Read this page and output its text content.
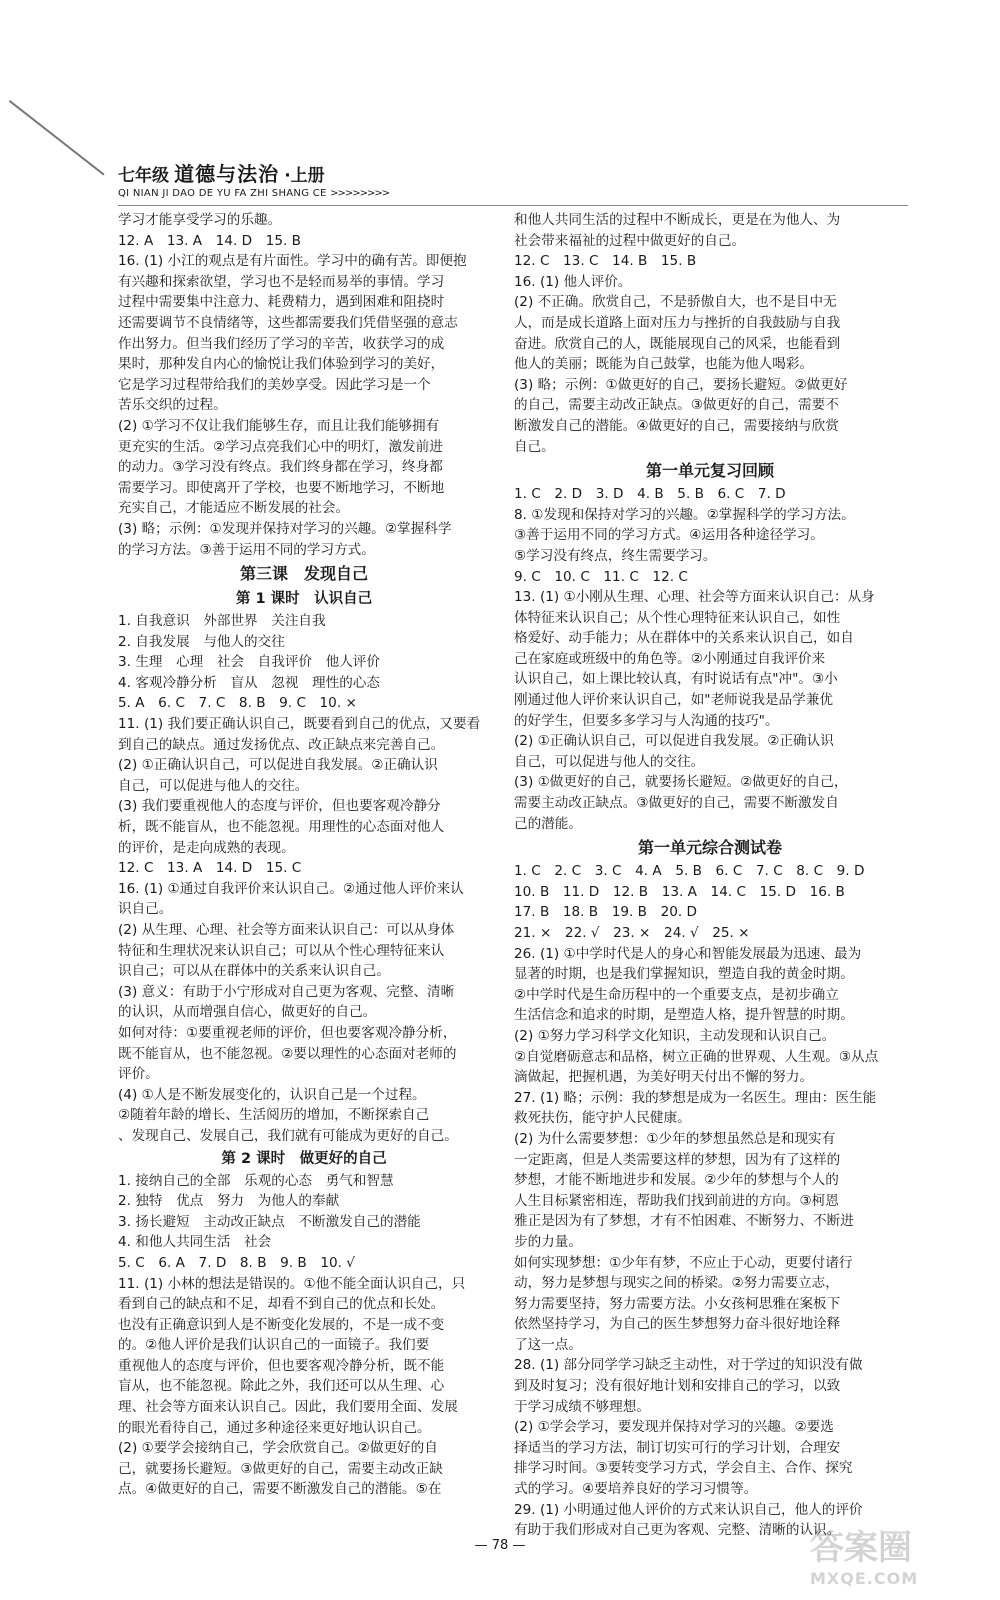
七年级 道德与法治 ·上册
QI NIAN JI DAO DE YU FA ZHI SHANG CE >>>>>>>>
学习才能享受学习的乐趣。
12. A　13. A　14. D　15. B
16. (1) 小江的观点是有片面性。学习中的确有苦。即便抱
有兴趣和探索欲望，学习也不是轻而易举的事情。学习
过程中需要集中注意力、耗费精力，遇到困难和阻挠时
还需要调节不良情绪等，这些都需要我们凭借坚强的意志
作出努力。但当我们经历了学习的辛苦，收获学习的成
果时，那种发自内心的愉悦让我们体验到学习的美好，
它是学习过程带给我们的美妙享受。因此学习是一个
苦乐交织的过程。
(2) ①学习不仅让我们能够生存，而且让我们能够拥有
更充实的生活。②学习点亮我们心中的明灯，激发前进
的动力。③学习没有终点。我们终身都在学习，终身都
需要学习。即使离开了学校，也要不断地学习，不断地
充实自己，才能适应不断发展的社会。
(3) 略；示例：①发现并保持对学习的兴趣。②掌握科学
的学习方法。③善于运用不同的学习方式。
第三课　发现自己
第 1 课时　认识自己
1. 自我意识　外部世界　关注自我
2. 自我发展　与他人的交往
3. 生理　心理　社会　自我评价　他人评价
4. 客观冷静分析　盲从　忽视　理性的心态
5. A　6. C　7. C　8. B　9. C　10. ×
11. (1) 我们要正确认识自己，既要看到自己的优点，又要看
到自己的缺点。通过发扬优点、改正缺点来完善自己。
(2) ①正确认识自己，可以促进自我发展。②正确认识
自己，可以促进与他人的交往。
(3) 我们要重视他人的态度与评价，但也要客观冷静分
析，既不能盲从，也不能忽视。用理性的心态面对他人
的评价，是走向成熟的表现。
12. C　13. A　14. D　15. C
16. (1) ①通过自我评价来认识自己。②通过他人评价来认
识自己。
(2) 从生理、心理、社会等方面来认识自己：可以从身体
特征和生理状况来认识自己；可以从个性心理特征来认
识自己；可以从在群体中的关系来认识自己。
(3) 意义：有助于小宁形成对自己更为客观、完整、清晰
的认识，从而增强自信心，做更好的自己。
如何对待：①要重视老师的评价，但也要客观冷静分析，
既不能盲从，也不能忽视。②要以理性的心态面对老师的
评价。
(4) ①人是不断发展变化的，认识自己是一个过程。
②随着年龄的增长、生活阅历的增加，不断探索自己
、发现自己、发展自己，我们就有可能成为更好的自己。
第 2 课时　做更好的自己
1. 接纳自己的全部　乐观的心态　勇气和智慧
2. 独特　优点　努力　为他人的奉献
3. 扬长避短　主动改正缺点　不断激发自己的潜能
4. 和他人共同生活　社会
5. C　6. A　7. D　8. B　9. B　10. √
11. (1) 小林的想法是错误的。①他不能全面认识自己，只
看到自己的缺点和不足，却看不到自己的优点和长处。
也没有正确意识到人是不断变化发展的，不是一成不变
的。②他人评价是我们认识自己的一面镜子。我们要
重视他人的态度与评价，但也要客观冷静分析，既不能
盲从，也不能忽视。除此之外，我们还可以从生理、心
理、社会等方面来认识自己。因此，我们要用全面、发展
的眼光看待自己，通过多种途径来更好地认识自己。
(2) ①要学会接纳自己，学会欣赏自己。②做更好的自
己，就要扬长避短。③做更好的自己，需要主动改正缺
点。④做更好的自己，需要不断激发自己的潜能。⑤在
和他人共同生活的过程中不断成长，更是在为他人、为
社会带来福祉的过程中做更好的自己。
12. C　13. C　14. B　15. B
16. (1) 他人评价。
(2) 不正确。欣赏自己，不是骄傲自大，也不是目中无
人，而是成长道路上面对压力与挫折的自我鼓励与自我
奋进。欣赏自己的人，既能展现自己的风采，也能看到
他人的美丽；既能为自己鼓掌，也能为他人喝彩。
(3) 略；示例：①做更好的自己，要扬长避短。②做更好
的自己，需要主动改正缺点。③做更好的自己，需要不
断激发自己的潜能。④做更好的自己，需要接纳与欣赏
自己。
第一单元复习回顾
1. C　2. D　3. D　4. B　5. B　6. C　7. D
8. ①发现和保持对学习的兴趣。②掌握科学的学习方法。
③善于运用不同的学习方式。④运用各种途径学习。
⑤学习没有终点，终生需要学习。
9. C　10. C　11. C　12. C
13. (1) ①小刚从生理、心理、社会等方面来认识自己：从身
体特征来认识自己；从个性心理特征来认识自己，如性
格爱好、动手能力；从在群体中的关系来认识自己，如自
己在家庭或班级中的角色等。②小刚通过自我评价来
认识自己，如上课比较认真，有时说话有点"冲"。③小
刚通过他人评价来认识自己，如"老师说我是品学兼优
的好学生，但要多多学习与人沟通的技巧"。
(2) ①正确认识自己，可以促进自我发展。②正确认识
自己，可以促进与他人的交往。
(3) ①做更好的自己，就要扬长避短。②做更好的自己，
需要主动改正缺点。③做更好的自己，需要不断激发自
己的潜能。
第一单元综合测试卷
1. C　2. C　3. C　4. A　5. B　6. C　7. C　8. C　9. D
10. B　11. D　12. B　13. A　14. C　15. D　16. B
17. B　18. B　19. B　20. D
21. ×　22. √　23. ×　24. √　25. ×
26. (1) ①中学时代是人的身心和智能发展最为迅速、最为
显著的时期，也是我们掌握知识，塑造自我的黄金时期。
②中学时代是生命历程中的一个重要支点，是初步确立
生活信念和追求的时期，是塑造人格，提升智慧的时期。
(2) ①努力学习科学文化知识，主动发现和认识自己。
②自觉磨砺意志和品格，树立正确的世界观、人生观。③从点
滴做起，把握机遇，为美好明天付出不懈的努力。
27. (1) 略；示例：我的梦想是成为一名医生。理由：医生能
救死扶伤，能守护人民健康。
(2) 为什么需要梦想：①少年的梦想虽然总是和现实有
一定距离，但是人类需要这样的梦想，因为有了这样的
梦想，才能不断地进步和发展。②少年的梦想与个人的
人生目标紧密相连，帮助我们找到前进的方向。③柯恩
雅正是因为有了梦想，才有不怕困难、不断努力、不断进
步的力量。
如何实现梦想：①少年有梦，不应止于心动，更要付诸行
动，努力是梦想与现实之间的桥梁。②努力需要立志，
努力需要坚持，努力需要方法。小女孩柯思雅在案板下
依然坚持学习，为自己的医生梦想努力奋斗很好地诠释
了这一点。
28. (1) 部分同学学习缺乏主动性，对于学过的知识没有做
到及时复习；没有很好地计划和安排自己的学习，以致
于学习成绩不够理想。
(2) ①学会学习，要发现并保持对学习的兴趣。②要选
择适当的学习方法，制订切实可行的学习计划，合理安
排学习时间。③要转变学习方式，学会自主、合作、探究
式的学习。④要培养良好的学习习惯等。
29. (1) 小明通过他人评价的方式来认识自己，他人的评价
有助于我们形成对自己更为客观、完整、清晰的认识。
— 78 —	答案圈
MXQE.COM
